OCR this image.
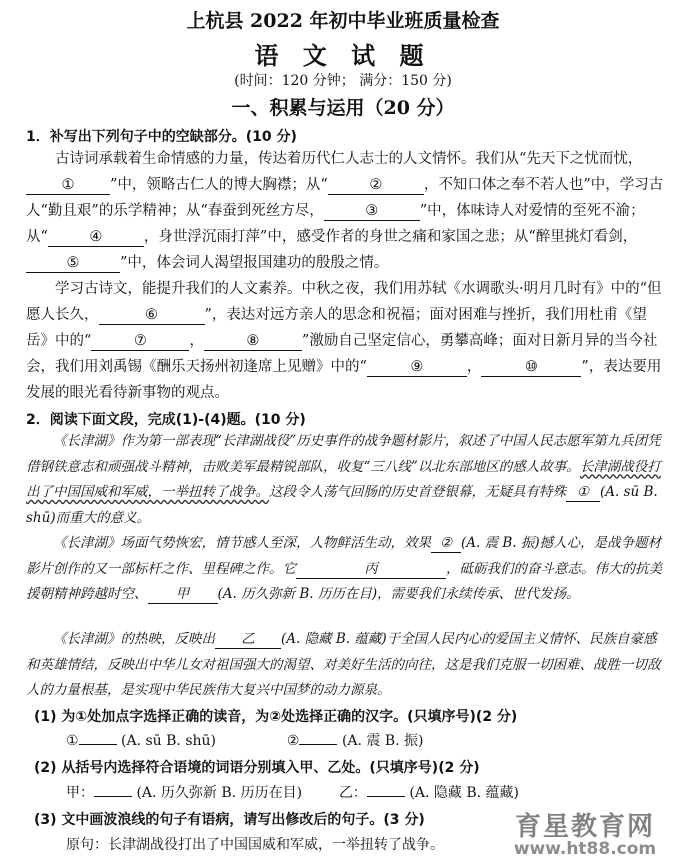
上杭县 2022 年初中毕业班质量检查
语 文 试 题
(时间：120 分钟； 满分：150 分)
一、积累与运用（20 分）
1．补写出下列句子中的空缺部分。(10 分)

古诗词承载着生命情感的力量，传达着历代仁人志士的人文情怀。我们从“先天下之忧而忧，① ”中，领略古仁人的博大胸襟；从“	②	，不知口体之奉不若人也”中，学习古人“勤且艰”的乐学精神；从“春蚕到死丝方尽，	③	”中，体味诗人对爱情的至死不渝；从“	④	，身世浮沉雨打萍”中，感受作者的身世之痛和家国之悲；从“醉里挑灯看剑，⑤	”中，体会词人渴望报国建功的殷殷之情。

学习古诗文，能提升我们的人文素养。中秋之夜，我们用苏轼《水调歌头·明月几时有》中的“但愿人长久，	⑥	”，表达对远方亲人的思念和祝福；面对困难与挫折，我们用杜甫《望岳》中的“	⑦	，	⑧	”激励自己坚定信心，勇攀高峰；面对日新月异的当今社会，我们用刘禹锡《酬乐天扬州初逢席上见赠》中的“	⑨	，	⑩	”，表达要用发展的眼光看待新事物的观点。

2．阅读下面文段，完成(1)-(4)题。(10 分)

《长津湖》作为第一部表现“长津湖战役”历史事件的战争题材影片，叙述了中国人民志愿军第九兵团凭借钢铁意志和顽强战斗精神，击败美军最精锐部队，收复“三八线”以北东部地区的感人故事。长津湖战役打出了中国国威和军威，一举扭转了战争。这段令人荡气回肠的历史首登银幕，无疑具有特殊 ① (A. sū B. shū)而重大的意义。

《长津湖》场面气势恢宏，情节感人至深，人物鲜活生动，效果 ② (A. 震 B. 振)撼人心，是战争题材影片创作的又一部标杆之作、里程碑之作。它	丙	，砥砺我们的奋斗意志。伟大的抗美援朝精神跨越时空、 甲 (A. 历久弥新 B. 历历在目)，需要我们永续传承、世代发扬。

《长津湖》的热映，反映出 乙 (A. 隐藏 B. 蕴藏)于全国人民内心的爱国主义情怀、民族自豪感和英雄情结，反映出中华儿女对祖国强大的渴望、对美好生活的向往，这是我们克服一切困难、战胜一切敌人的力量根基，是实现中华民族伟大复兴中国梦的动力源泉。

(1) 为①处加点字选择正确的读音，为②处选择正确的汉字。(只填序号)(2 分)
①	(A. sū B. shū)	②	(A. 震 B. 振)
(2) 从括号内选择符合语境的词语分别填入甲、乙处。(只填序号)(2 分)
甲：	(A. 历久弥新 B. 历历在目)	乙：	(A. 隐藏 B. 蕴藏)
(3) 文中画波浪线的句子有语病，请写出修改后的句子。(3 分)
原句：长津湖战役打出了中国国威和军威，一举扭转了战争。
育星教育网
www.ht88.com
